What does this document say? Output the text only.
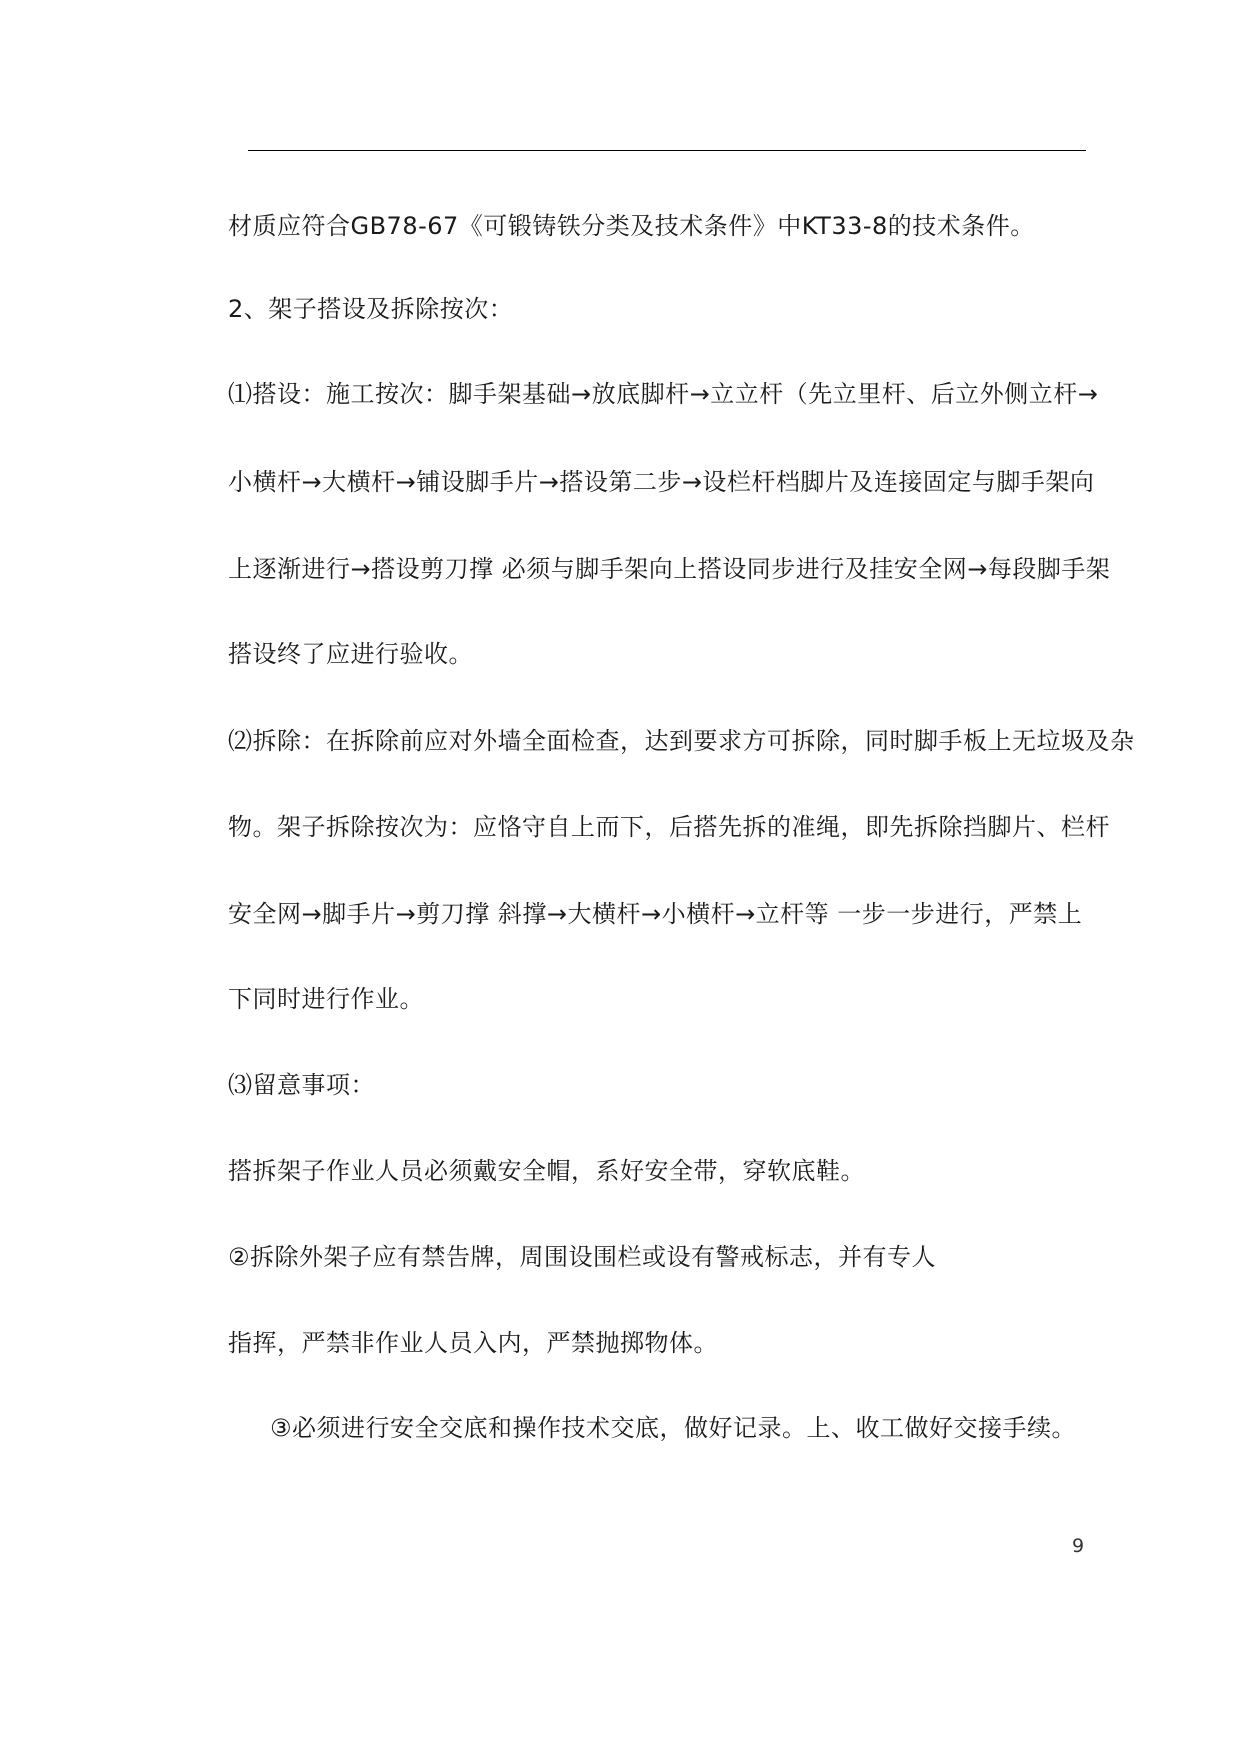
材质应符合GB78-67《可锻铸铁分类及技术条件》中KT33-8的技术条件。
2、架子搭设及拆除按次：
⑴搭设：施工按次：脚手架基础→放底脚杆→立立杆（先立里杆、后立外侧立杆→
小横杆→大横杆→铺设脚手片→搭设第二步→设栏杆档脚片及连接固定与脚手架向
上逐渐进行→搭设剪刀撑 必须与脚手架向上搭设同步进行及挂安全网→每段脚手架
搭设终了应进行验收。
⑵拆除：在拆除前应对外墙全面检查，达到要求方可拆除，同时脚手板上无垃圾及杂
物。架子拆除按次为：应恪守自上而下，后搭先拆的准绳，即先拆除挡脚片、栏杆
安全网→脚手片→剪刀撑 斜撑→大横杆→小横杆→立杆等 一步一步进行，严禁上
下同时进行作业。
⑶留意事项：
搭拆架子作业人员必须戴安全帽，系好安全带，穿软底鞋。
②拆除外架子应有禁告牌，周围设围栏或设有警戒标志，并有专人
指挥，严禁非作业人员入内，严禁抛掷物体。
③必须进行安全交底和操作技术交底，做好记录。上、收工做好交接手续。
9
